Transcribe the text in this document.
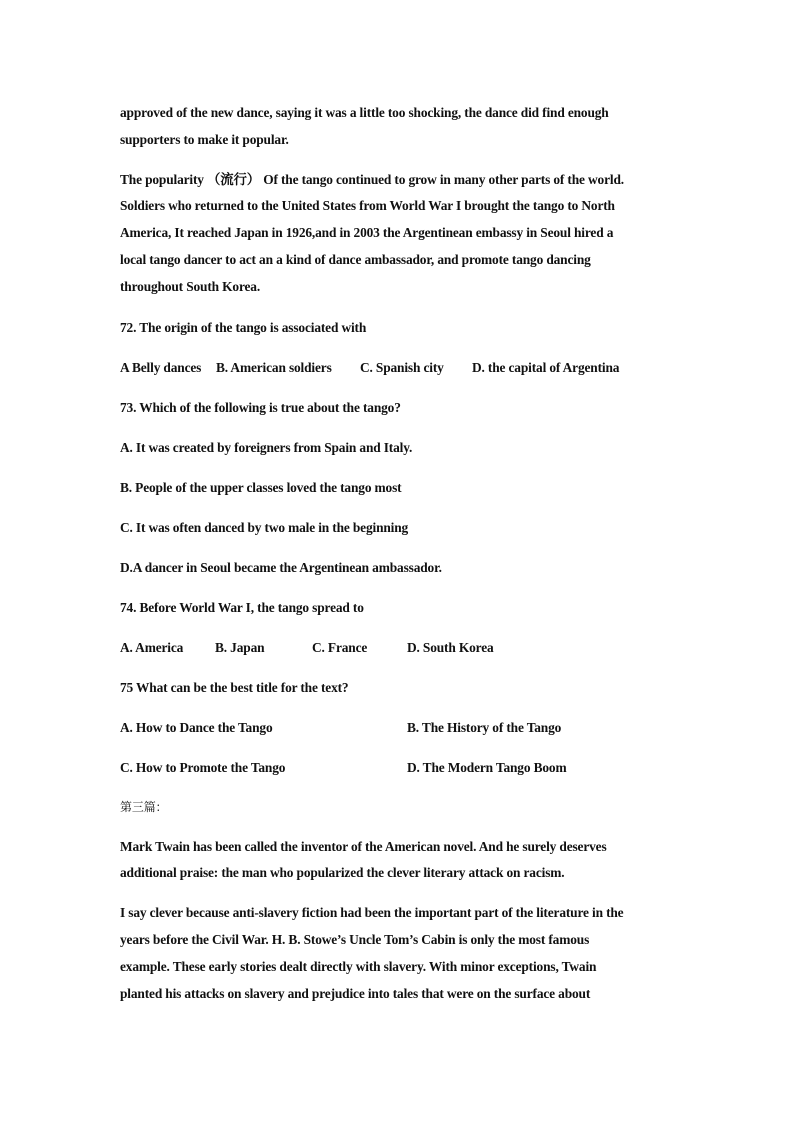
approved of the new dance, saying it was a little too shocking, the dance did find enough
supporters to make it popular.

The popularity （流行） Of the tango continued to grow in many other parts of the world.
Soldiers who returned to the United States from World War I brought the tango to North
America, It reached Japan in 1926,and in 2003 the Argentinean embassy in Seoul hired a
local tango dancer to act an a kind of dance ambassador, and promote tango dancing
throughout South Korea.

72. The origin of the tango is associated with
A Belly dances B. American soldiers C. Spanish city D. the capital of Argentina
73. Which of the following is true about the tango?
A. It was created by foreigners from Spain and Italy.
B. People of the upper classes loved the tango most
C. It was often danced by two male in the beginning
D.A dancer in Seoul became the Argentinean ambassador.
74. Before World War I, the tango spread to
A. America B. Japan	C. France	D. South Korea
75 What can be the best title for the text?
A. How to Dance the Tango	B. The History of the Tango
C. How to Promote the Tango	D. The Modern Tango Boom
第三篇：

Mark Twain has been called the inventor of the American novel. And he surely deserves
additional praise: the man who popularized the clever literary attack on racism.

I say clever because anti-slavery fiction had been the important part of the literature in the
years before the Civil War. H. B. Stowe’s Uncle Tom’s Cabin is only the most famous
example. These early stories dealt directly with slavery. With minor exceptions, Twain
planted his attacks on slavery and prejudice into tales that were on the surface about
